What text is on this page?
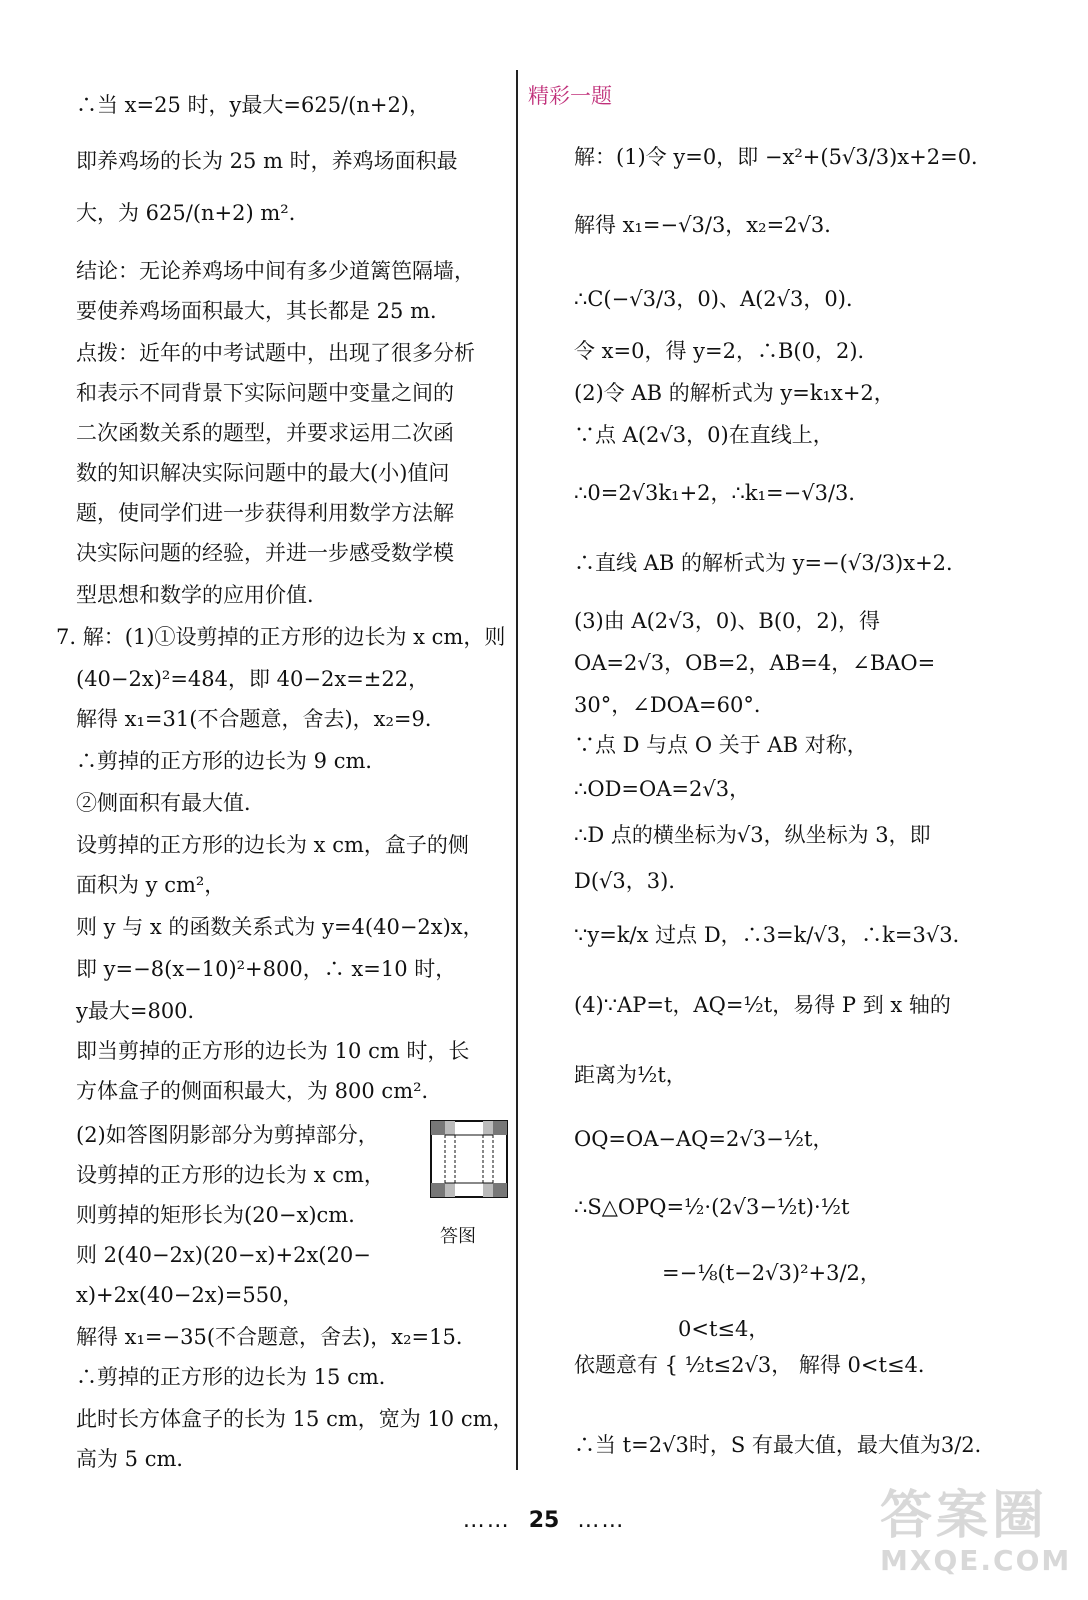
∴当 x=25 时，y最大=625/(n+2)，
即养鸡场的长为 25 m 时，养鸡场面积最
大，为 625/(n+2) m²．
结论：无论养鸡场中间有多少道篱笆隔墙，
要使养鸡场面积最大，其长都是 25 m．
点拨：近年的中考试题中，出现了很多分析
和表示不同背景下实际问题中变量之间的
二次函数关系的题型，并要求运用二次函
数的知识解决实际问题中的最大(小)值问
题，使同学们进一步获得利用数学方法解
决实际问题的经验，并进一步感受数学模
型思想和数学的应用价值．
7. 解：(1)①设剪掉的正方形的边长为 x cm，则
(40−2x)²=484，即 40−2x=±22，
解得 x₁=31(不合题意，舍去)，x₂=9．
∴剪掉的正方形的边长为 9 cm．
②侧面积有最大值．
设剪掉的正方形的边长为 x cm，盒子的侧
面积为 y cm²，
则 y 与 x 的函数关系式为 y=4(40−2x)x，
即 y=−8(x−10)²+800，∴ x=10 时，
y最大=800．
即当剪掉的正方形的边长为 10 cm 时，长
方体盒子的侧面积最大，为 800 cm²．
(2)如答图阴影部分为剪掉部分，
设剪掉的正方形的边长为 x cm，
则剪掉的矩形长为(20−x)cm．
则 2(40−2x)(20−x)+2x(20−
x)+2x(40−2x)=550，
解得 x₁=−35(不合题意，舍去)，x₂=15．
∴剪掉的正方形的边长为 15 cm．
此时长方体盒子的长为 15 cm，宽为 10 cm，
高为 5 cm．
答图
精彩一题
解：(1)令 y=0，即 −x²+(5√3/3)x+2=0．
解得 x₁=−√3/3，x₂=2√3．
∴C(−√3/3，0)、A(2√3，0)．
令 x=0，得 y=2，∴B(0，2)．
(2)令 AB 的解析式为 y=k₁x+2，
∵点 A(2√3，0)在直线上，
∴0=2√3k₁+2，∴k₁=−√3/3．
∴直线 AB 的解析式为 y=−(√3/3)x+2．
(3)由 A(2√3，0)、B(0，2)，得
OA=2√3，OB=2，AB=4，∠BAO=
30°，∠DOA=60°．
∵点 D 与点 O 关于 AB 对称，
∴OD=OA=2√3，
∴D 点的横坐标为√3，纵坐标为 3，即
D(√3，3)．
∵y=k/x 过点 D，∴3=k/√3，∴k=3√3．
(4)∵AP=t，AQ=½t，易得 P 到 x 轴的
距离为½t，
OQ=OA−AQ=2√3−½t，
∴S△OPQ=½·(2√3−½t)·½t
=−⅛(t−2√3)²+3/2，
0<t≤4，
依题意有 { ½t≤2√3， 解得 0<t≤4．
∴当 t=2√3时，S 有最大值，最大值为3/2．
…… 25 ……	答案圈
MXQE.COM
